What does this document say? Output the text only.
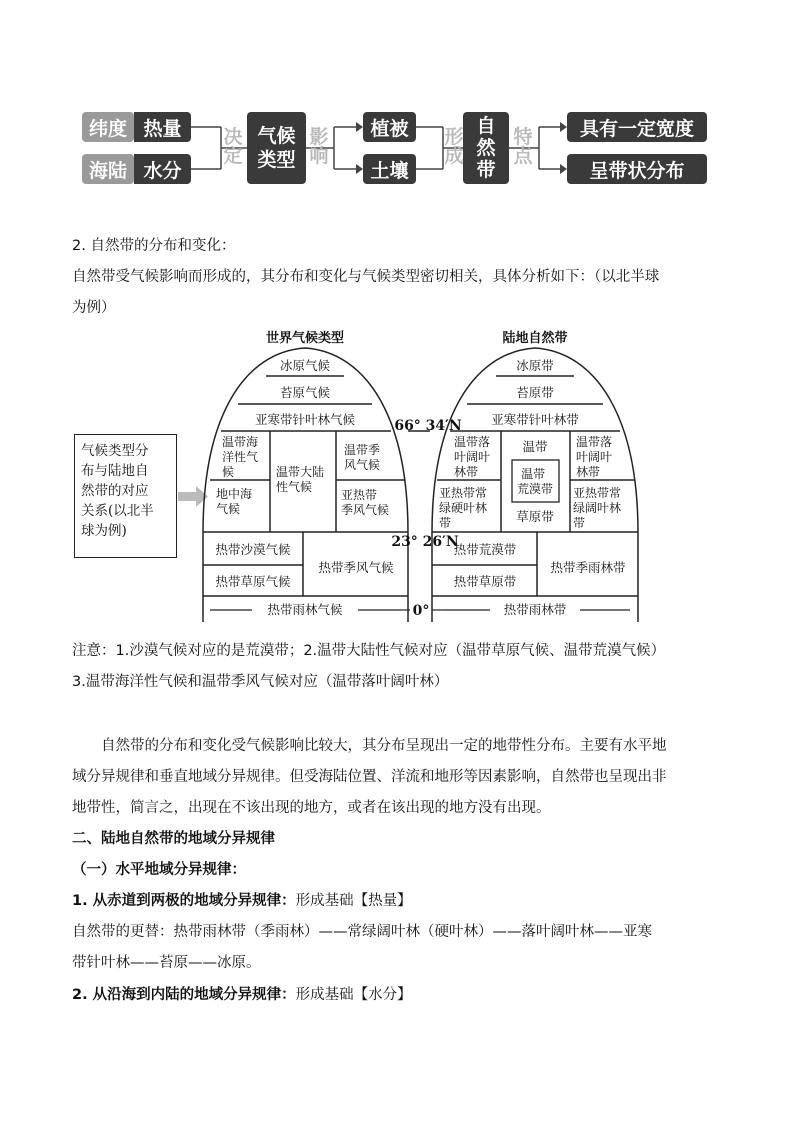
纬度 热量
海陆 水分
决
定
气候
类型
影
响
植被
土壤
形
成
自
然
带
特
点
具有一定宽度
呈带状分布
2. 自然带的分布和变化：
自然带受气候影响而形成的，其分布和变化与气候类型密切相关，具体分析如下：（以北半球
为例）
气候类型分
布与陆地自
然带的对应
关系(以北半
球为例)
世界气候类型	陆地自然带
冰原气候
苔原气候
亚寒带针叶林气候
温带海 洋性气 候
地中海 气候
温带大陆 性气候
温带季 风气候
亚热带 季风气候
热带沙漠气候
热带草原气候
热带季风气候
热带雨林气候
66° 34′N
23° 26′N
0°
冰原带
苔原带
亚寒带针叶林带
温带落 叶阔叶 林带
亚热带常 绿硬叶林 带
温带
温带 荒漠带
草原带
温带落 叶阔叶 林带
亚热带常 绿阔叶林 带
热带荒漠带
热带草原带
热带季雨林带
热带雨林带
注意：1.沙漠气候对应的是荒漠带；2.温带大陆性气候对应（温带草原气候、温带荒漠气候）
3.温带海洋性气候和温带季风气候对应（温带落叶阔叶林）
　　自然带的分布和变化受气候影响比较大，其分布呈现出一定的地带性分布。主要有水平地
域分异规律和垂直地域分异规律。但受海陆位置、洋流和地形等因素影响，自然带也呈现出非
地带性，简言之，出现在不该出现的地方，或者在该出现的地方没有出现。
二、陆地自然带的地域分异规律
（一）水平地域分异规律：
1. 从赤道到两极的地域分异规律：形成基础【热量】
自然带的更替：热带雨林带（季雨林）——常绿阔叶林（硬叶林）——落叶阔叶林——亚寒
带针叶林——苔原——冰原。
2. 从沿海到内陆的地域分异规律：形成基础【水分】
